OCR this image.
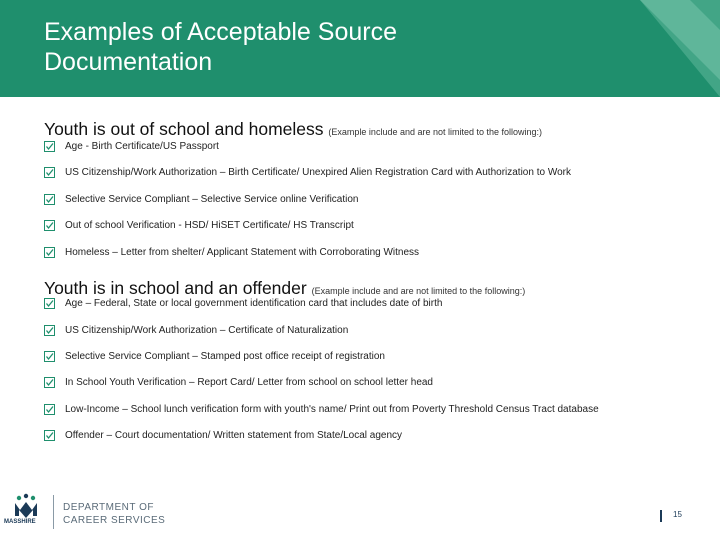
Examples of Acceptable Source
Documentation
Youth is out of school and homeless (Example include and are not limited to the following:)
Age - Birth Certificate/US Passport
US Citizenship/Work Authorization – Birth Certificate/ Unexpired Alien Registration Card with Authorization to Work
Selective Service Compliant – Selective Service online Verification
Out of school Verification - HSD/ HiSET Certificate/ HS Transcript
Homeless – Letter from shelter/ Applicant Statement with Corroborating Witness
Youth is in school and an offender (Example include and are not limited to the following:)
Age – Federal, State or local government identification card that includes date of birth
US Citizenship/Work Authorization – Certificate of Naturalization
Selective Service Compliant – Stamped post office receipt of registration
In School Youth Verification – Report Card/ Letter from school on school letter head
Low-Income – School lunch verification form with youth's name/ Print out from Poverty Threshold Census Tract database
Offender – Court documentation/ Written statement from State/Local agency
MASSHIRE
DEPARTMENT OF
CAREER SERVICES
15
